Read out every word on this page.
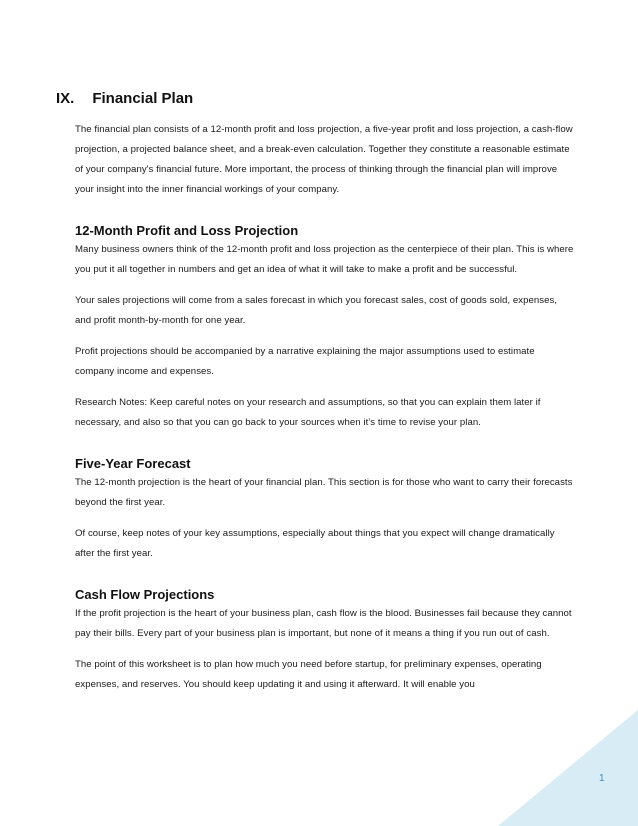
IX. Financial Plan

The financial plan consists of a 12-month profit and loss projection, a five-year profit and loss projection, a cash-flow projection, a projected balance sheet, and a break-even calculation. Together they constitute a reasonable estimate of your company's financial future. More important, the process of thinking through the financial plan will improve your insight into the inner financial workings of your company.

12-Month Profit and Loss Projection

Many business owners think of the 12-month profit and loss projection as the centerpiece of their plan. This is where you put it all together in numbers and get an idea of what it will take to make a profit and be successful.

Your sales projections will come from a sales forecast in which you forecast sales, cost of goods sold, expenses, and profit month-by-month for one year.

Profit projections should be accompanied by a narrative explaining the major assumptions used to estimate company income and expenses.

Research Notes: Keep careful notes on your research and assumptions, so that you can explain them later if necessary, and also so that you can go back to your sources when it’s time to revise your plan.

Five-Year Forecast

The 12-month projection is the heart of your financial plan. This section is for those who want to carry their forecasts beyond the first year.

Of course, keep notes of your key assumptions, especially about things that you expect will change dramatically after the first year.

Cash Flow Projections

If the profit projection is the heart of your business plan, cash flow is the blood. Businesses fail because they cannot pay their bills. Every part of your business plan is important, but none of it means a thing if you run out of cash.

The point of this worksheet is to plan how much you need before startup, for preliminary expenses, operating expenses, and reserves. You should keep updating it and using it afterward. It will enable you

1
